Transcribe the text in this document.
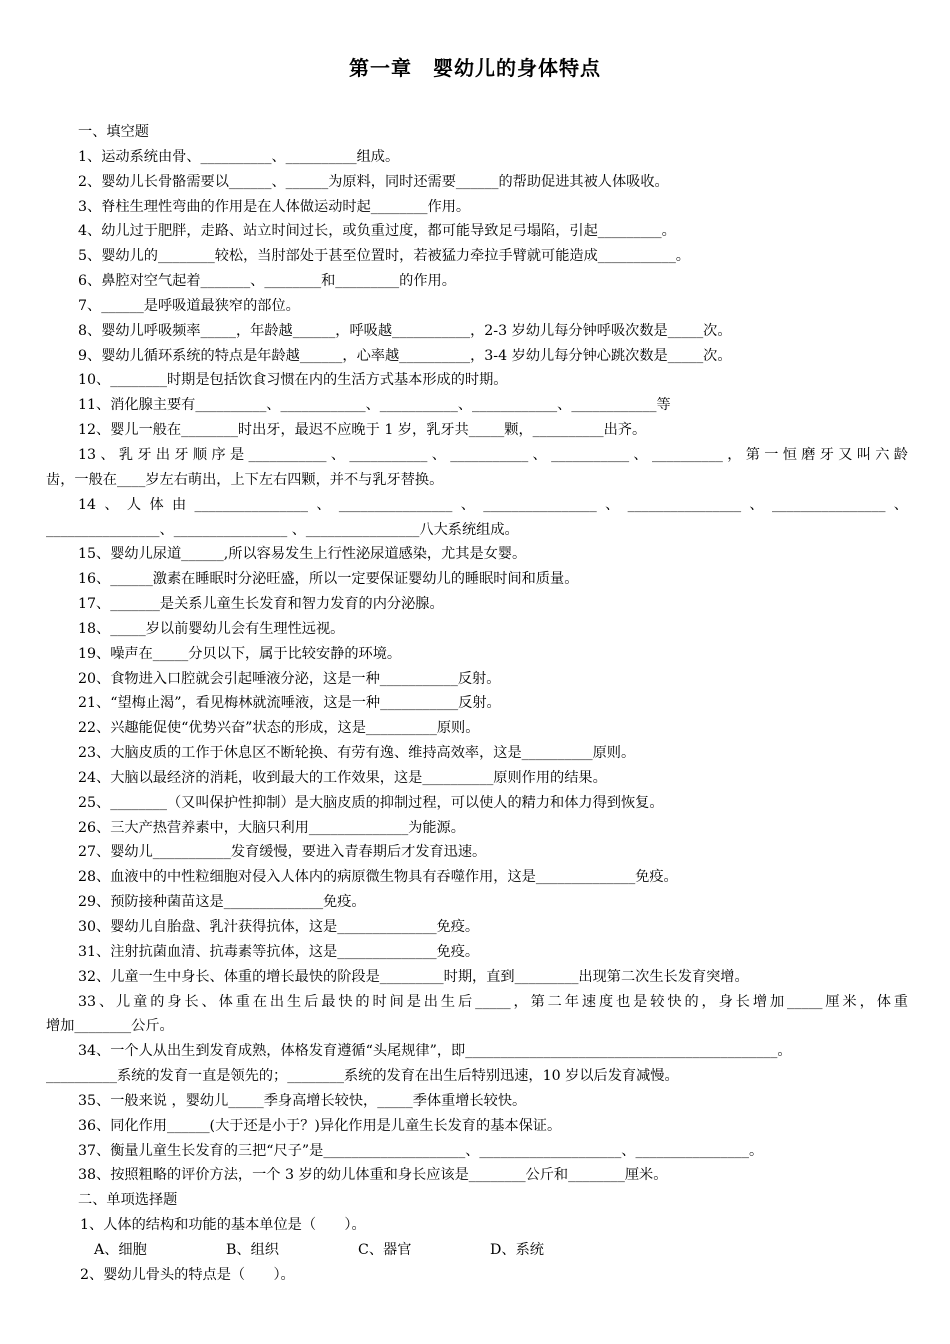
第一章　婴幼儿的身体特点
一、填空题
1、运动系统由骨、__________、__________组成。
2、婴幼儿长骨骼需要以______、______为原料，同时还需要______的帮助促进其被人体吸收。
3、脊柱生理性弯曲的作用是在人体做运动时起________作用。
4、幼儿过于肥胖，走路、站立时间过长，或负重过度，都可能导致足弓塌陷，引起_________。
5、婴幼儿的________较松，当肘部处于甚至位置时，若被猛力牵拉手臂就可能造成___________。
6、鼻腔对空气起着_______、________和_________的作用。
7、______是呼吸道最狭窄的部位。
8、婴幼儿呼吸频率_____，年龄越______，呼吸越___________，2-3 岁幼儿每分钟呼吸次数是_____次。
9、婴幼儿循环系统的特点是年龄越______，心率越__________，3-4 岁幼儿每分钟心跳次数是_____次。
10、________时期是包括饮食习惯在内的生活方式基本形成的时期。
11、消化腺主要有__________、____________、___________、____________、____________等
12、婴儿一般在________时出牙，最迟不应晚于 1 岁，乳牙共_____颗，__________出齐。
13、乳牙出牙顺序是___________、___________、___________、___________、__________，第一恒磨牙又叫六龄
齿，一般在____岁左右萌出，上下左右四颗，并不与乳牙替换。
14、人体由________________、________________、________________、________________、________________、
________________、________________ 、________________八大系统组成。
15、婴幼儿尿道______,所以容易发生上行性泌尿道感染，尤其是女婴。
16、______激素在睡眠时分泌旺盛，所以一定要保证婴幼儿的睡眠时间和质量。
17、_______是关系儿童生长发育和智力发育的内分泌腺。
18、_____岁以前婴幼儿会有生理性远视。
19、噪声在_____分贝以下，属于比较安静的环境。
20、食物进入口腔就会引起唾液分泌，这是一种___________反射。
21、“望梅止渴”，看见梅林就流唾液，这是一种___________反射。
22、兴趣能促使“优势兴奋”状态的形成，这是__________原则。
23、大脑皮质的工作于休息区不断轮换、有劳有逸、维持高效率，这是__________原则。
24、大脑以最经济的消耗，收到最大的工作效果，这是__________原则作用的结果。
25、________（又叫保护性抑制）是大脑皮质的抑制过程，可以使人的精力和体力得到恢复。
26、三大产热营养素中，大脑只利用______________为能源。
27、婴幼儿___________发育缓慢，要进入青春期后才发育迅速。
28、血液中的中性粒细胞对侵入人体内的病原微生物具有吞噬作用，这是______________免疫。
29、预防接种菌苗这是______________免疫。
30、婴幼儿自胎盘、乳汁获得抗体，这是______________免疫。
31、注射抗菌血清、抗毒素等抗体，这是______________免疫。
32、儿童一生中身长、体重的增长最快的阶段是_________时期，直到_________出现第二次生长发育突增。
33、儿童的身长、体重在出生后最快的时间是出生后_____，第二年速度也是较快的，身长增加_____厘米，体重
增加________公斤。
34、一个人从出生到发育成熟，体格发育遵循“头尾规律”，即____________________________________________。
__________系统的发育一直是领先的；________系统的发育在出生后特别迅速，10 岁以后发育减慢。
35、一般来说 ，婴幼儿_____季身高增长较快，_____季体重增长较快。
36、同化作用______(大于还是小于？)异化作用是儿童生长发育的基本保证。
37、衡量儿童生长发育的三把“尺子”是____________________、____________________、________________。
38、按照粗略的评价方法，一个 3 岁的幼儿体重和身长应该是________公斤和________厘米。
二、单项选择题
1、人体的结构和功能的基本单位是（　　）。
A、细胞	B、组织	C、器官	D、系统
2、婴幼儿骨头的特点是（　　）。
